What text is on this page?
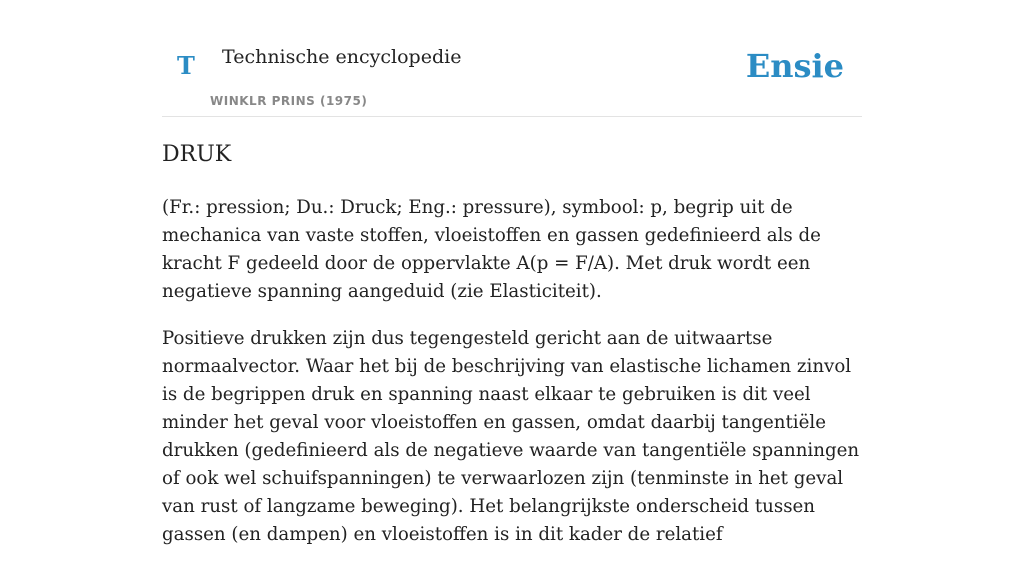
T Technische encyclopedie
WINKLR PRINS (1975)
Ensie
DRUK

(Fr.: pression; Du.: Druck; Eng.: pressure), symbool: p, begrip uit de mechanica van vaste stoffen, vloeistoffen en gassen gedefinieerd als de kracht F gedeeld door de oppervlakte A(p = F/A). Met druk wordt een negatieve spanning aangeduid (zie Elasticiteit).

Positieve drukken zijn dus tegengesteld gericht aan de uitwaartse normaalvector. Waar het bij de beschrijving van elastische lichamen zinvol is de begrippen druk en spanning naast elkaar te gebruiken is dit veel minder het geval voor vloeistoffen en gassen, omdat daarbij tangentiële drukken (gedefinieerd als de negatieve waarde van tangentiële spanningen of ook wel schuifspanningen) te verwaarlozen zijn (tenminste in het geval van rust of langzame beweging). Het belangrijkste onderscheid tussen gassen (en dampen) en vloeistoffen is in dit kader de relatief
